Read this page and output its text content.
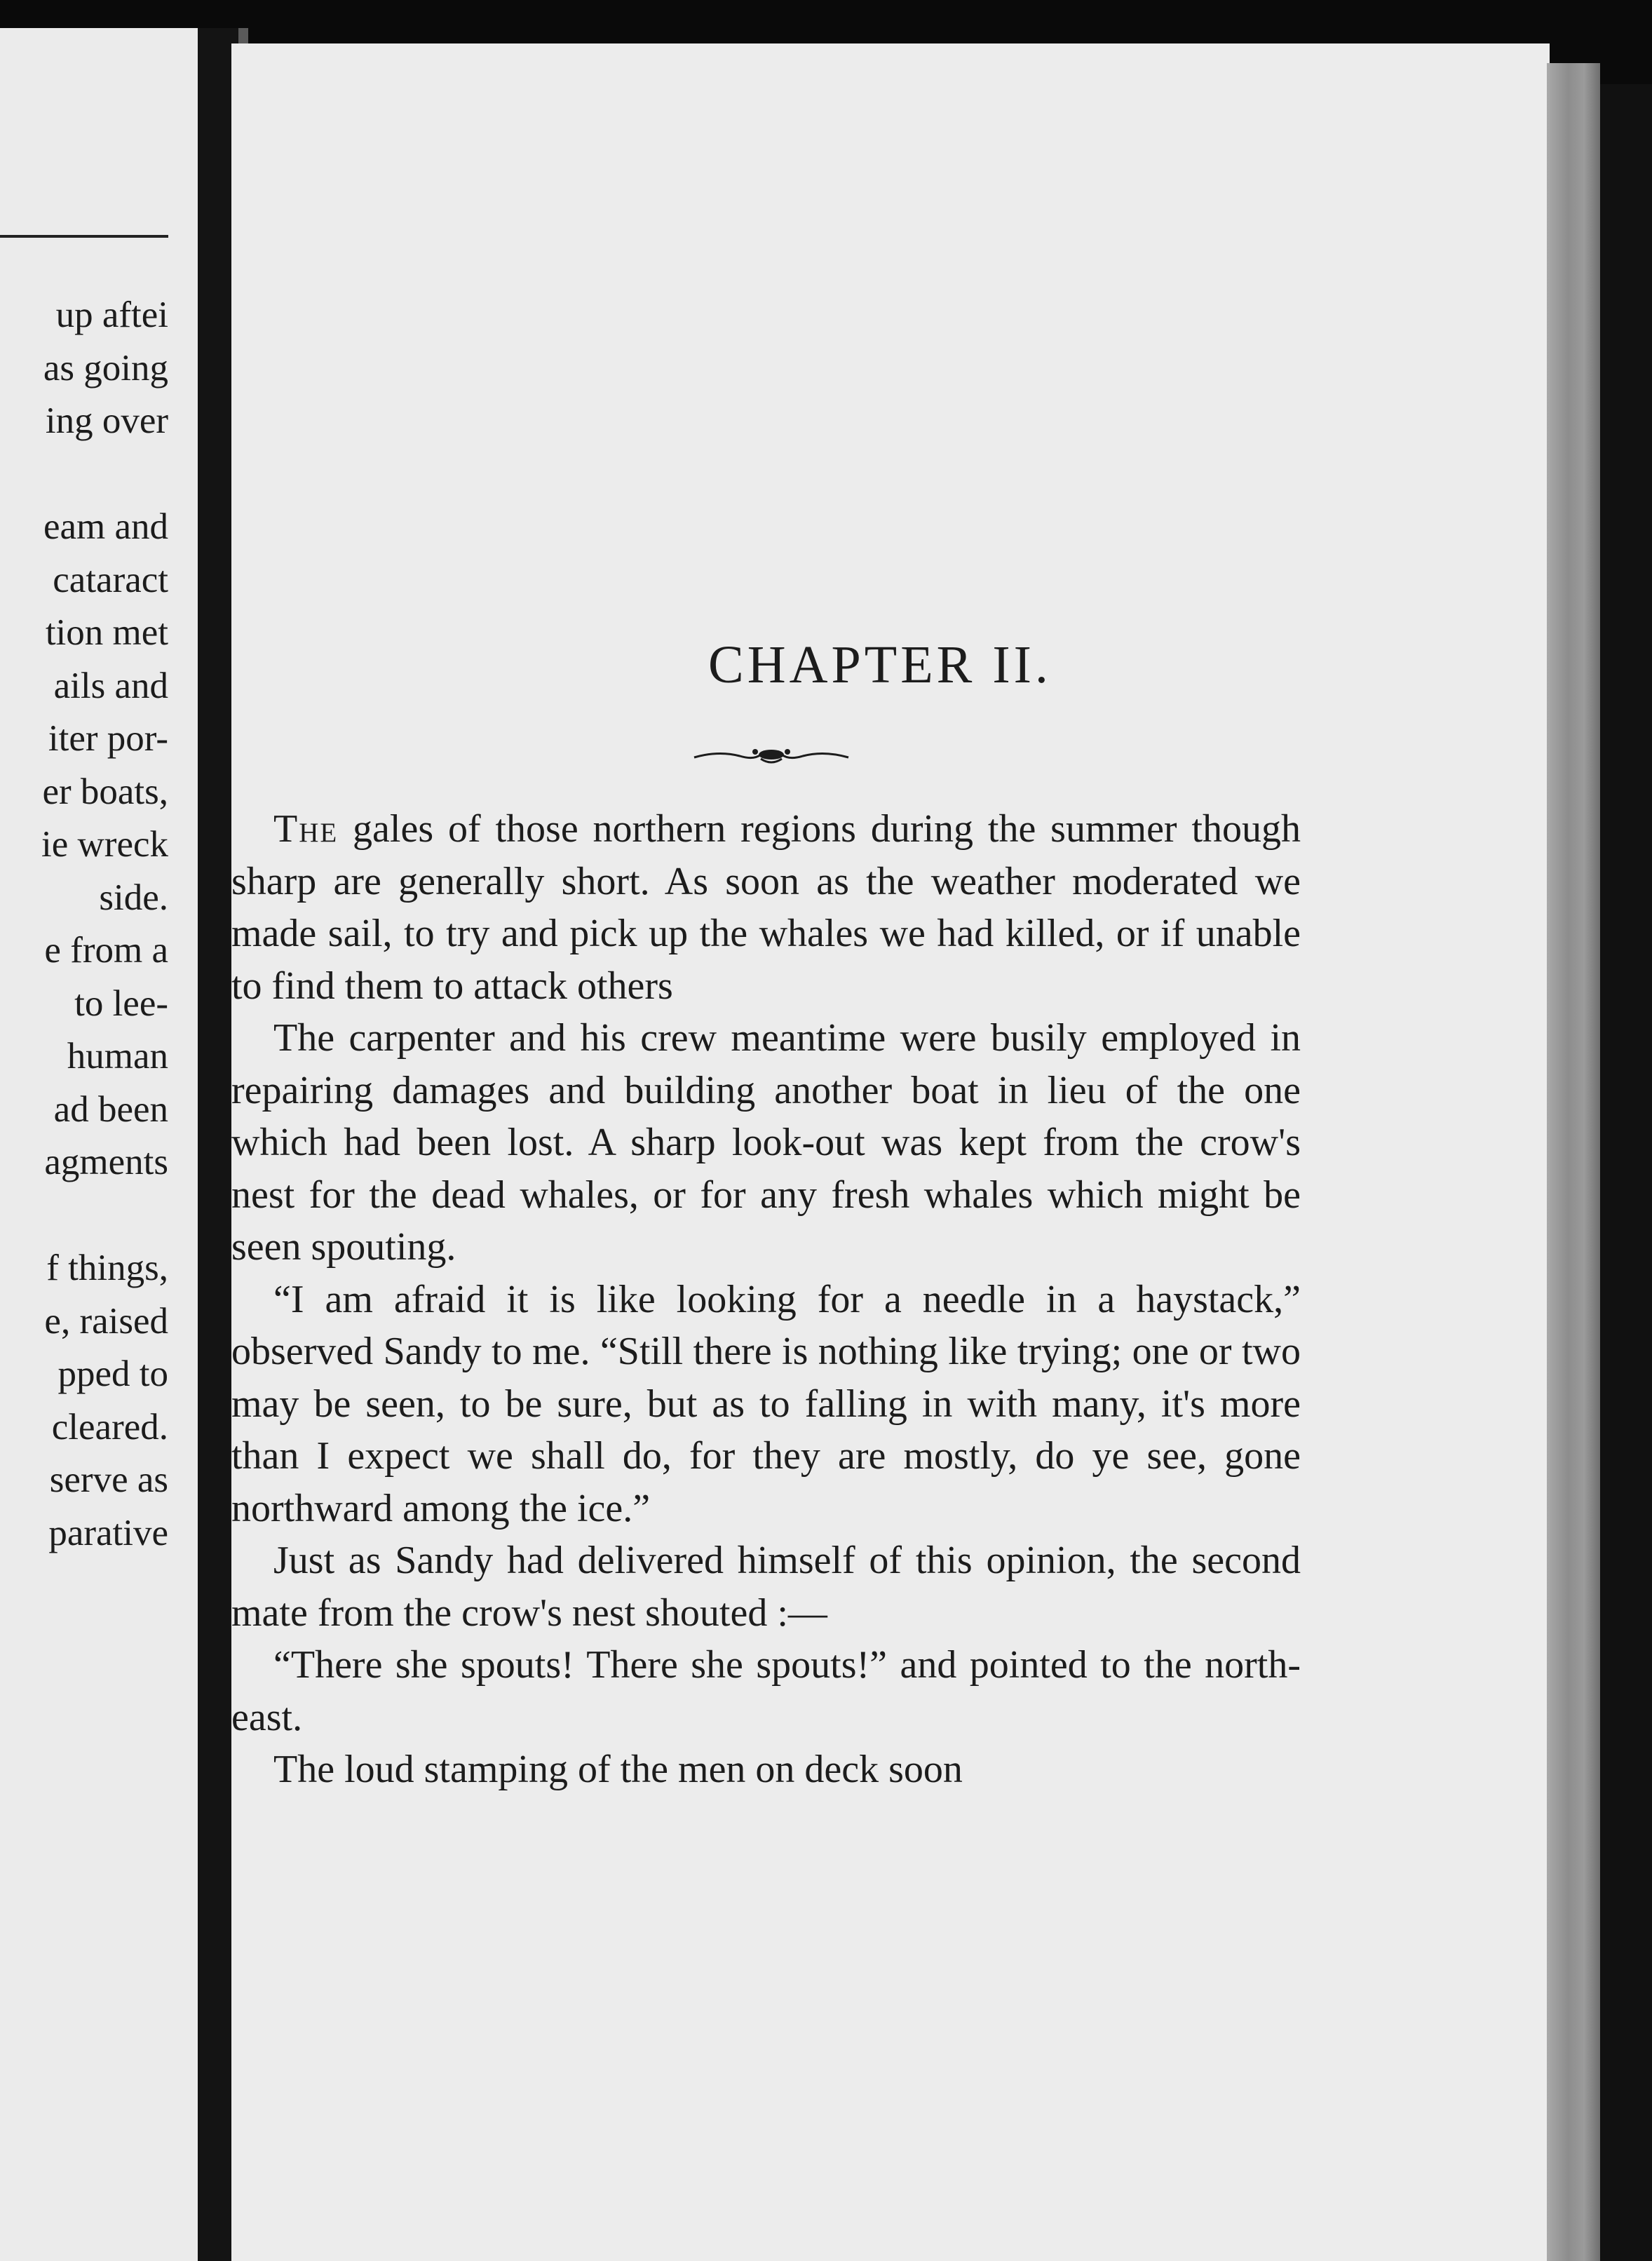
up aftei
as going
ing over
eam and
cataract
tion met
ails and
iter por-
er boats,
ie wreck
side.
e from a
to lee-
human
ad been
agments
f things,
e, raised
pped to
cleared.
serve as
parative
CHAPTER II.

The gales of those northern regions during the summer though sharp are generally short. As soon as the weather moderated we made sail, to try and pick up the whales we had killed, or if unable to find them to attack others

The carpenter and his crew meantime were busily employed in repairing damages and building another boat in lieu of the one which had been lost. A sharp look-out was kept from the crow's nest for the dead whales, or for any fresh whales which might be seen spouting.

“I am afraid it is like looking for a needle in a haystack,” observed Sandy to me. “Still there is nothing like trying; one or two may be seen, to be sure, but as to falling in with many, it's more than I expect we shall do, for they are mostly, do ye see, gone northward among the ice.”

Just as Sandy had delivered himself of this opinion, the second mate from the crow's nest shouted :—

“There she spouts! There she spouts!” and pointed to the north-east.

The loud stamping of the men on deck soon
